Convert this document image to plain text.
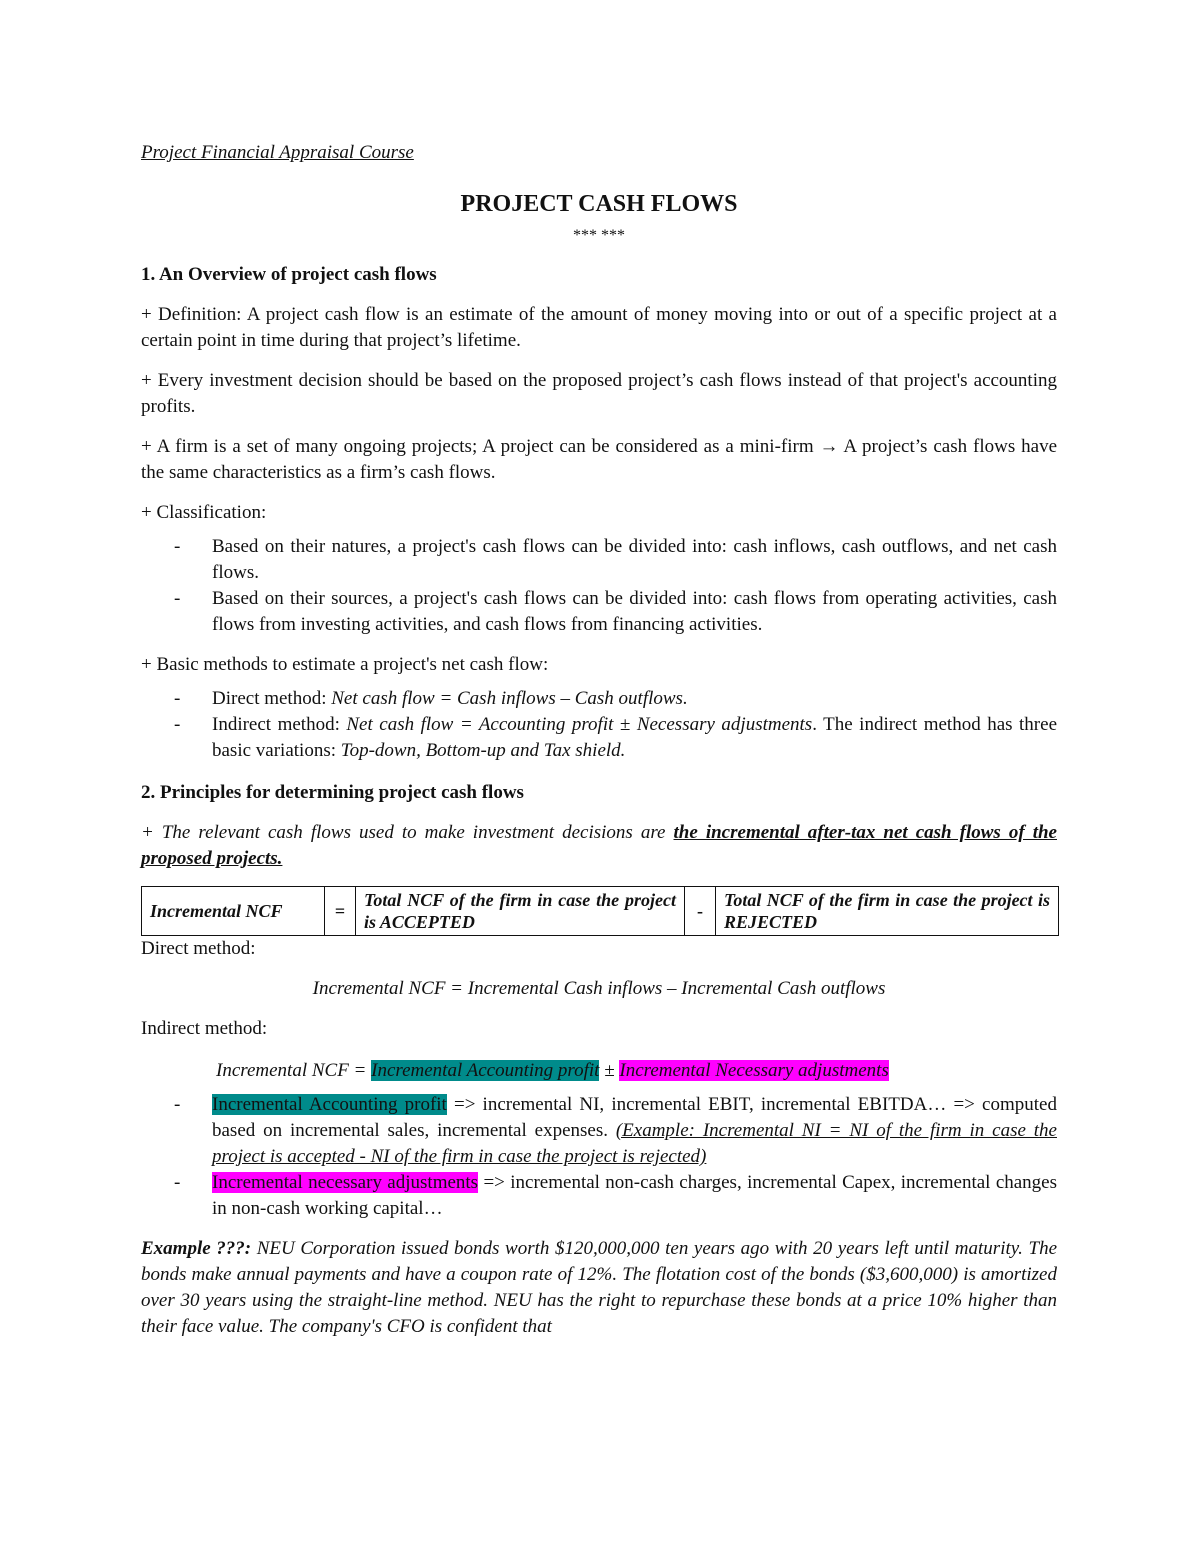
Project Financial Appraisal Course

PROJECT CASH FLOWS
*** ***
1. An Overview of project cash flows

+ Definition: A project cash flow is an estimate of the amount of money moving into or out of a specific project at a certain point in time during that project’s lifetime.

+ Every investment decision should be based on the proposed project’s cash flows instead of that project's accounting profits.

+ A firm is a set of many ongoing projects; A project can be considered as a mini-firm → A project’s cash flows have the same characteristics as a firm’s cash flows.

+ Classification:

- Based on their natures, a project's cash flows can be divided into: cash inflows, cash outflows, and net cash flows.
- Based on their sources, a project's cash flows can be divided into: cash flows from operating activities, cash flows from investing activities, and cash flows from financing activities.

+ Basic methods to estimate a project's net cash flow:

- Direct method: Net cash flow = Cash inflows – Cash outflows.
- Indirect method: Net cash flow = Accounting profit ± Necessary adjustments. The indirect method has three basic variations: Top-down, Bottom-up and Tax shield.
2. Principles for determining project cash flows

+ The relevant cash flows used to make investment decisions are the incremental after-tax net cash flows of the proposed projects.

Incremental NCF	=	Total NCF of the firm in case the project is ACCEPTED	-	Total NCF of the firm in case the project is REJECTED

Direct method:

Incremental NCF = Incremental Cash inflows – Incremental Cash outflows

Indirect method:

Incremental NCF = Incremental Accounting profit ± Incremental Necessary adjustments

- Incremental Accounting profit => incremental NI, incremental EBIT, incremental EBITDA… => computed based on incremental sales, incremental expenses. (Example: Incremental NI = NI of the firm in case the project is accepted - NI of the firm in case the project is rejected)
- Incremental necessary adjustments => incremental non-cash charges, incremental Capex, incremental changes in non-cash working capital…

Example ???: NEU Corporation issued bonds worth $120,000,000 ten years ago with 20 years left until maturity. The bonds make annual payments and have a coupon rate of 12%. The flotation cost of the bonds ($3,600,000) is amortized over 30 years using the straight-line method. NEU has the right to repurchase these bonds at a price 10% higher than their face value. The company's CFO is confident that
